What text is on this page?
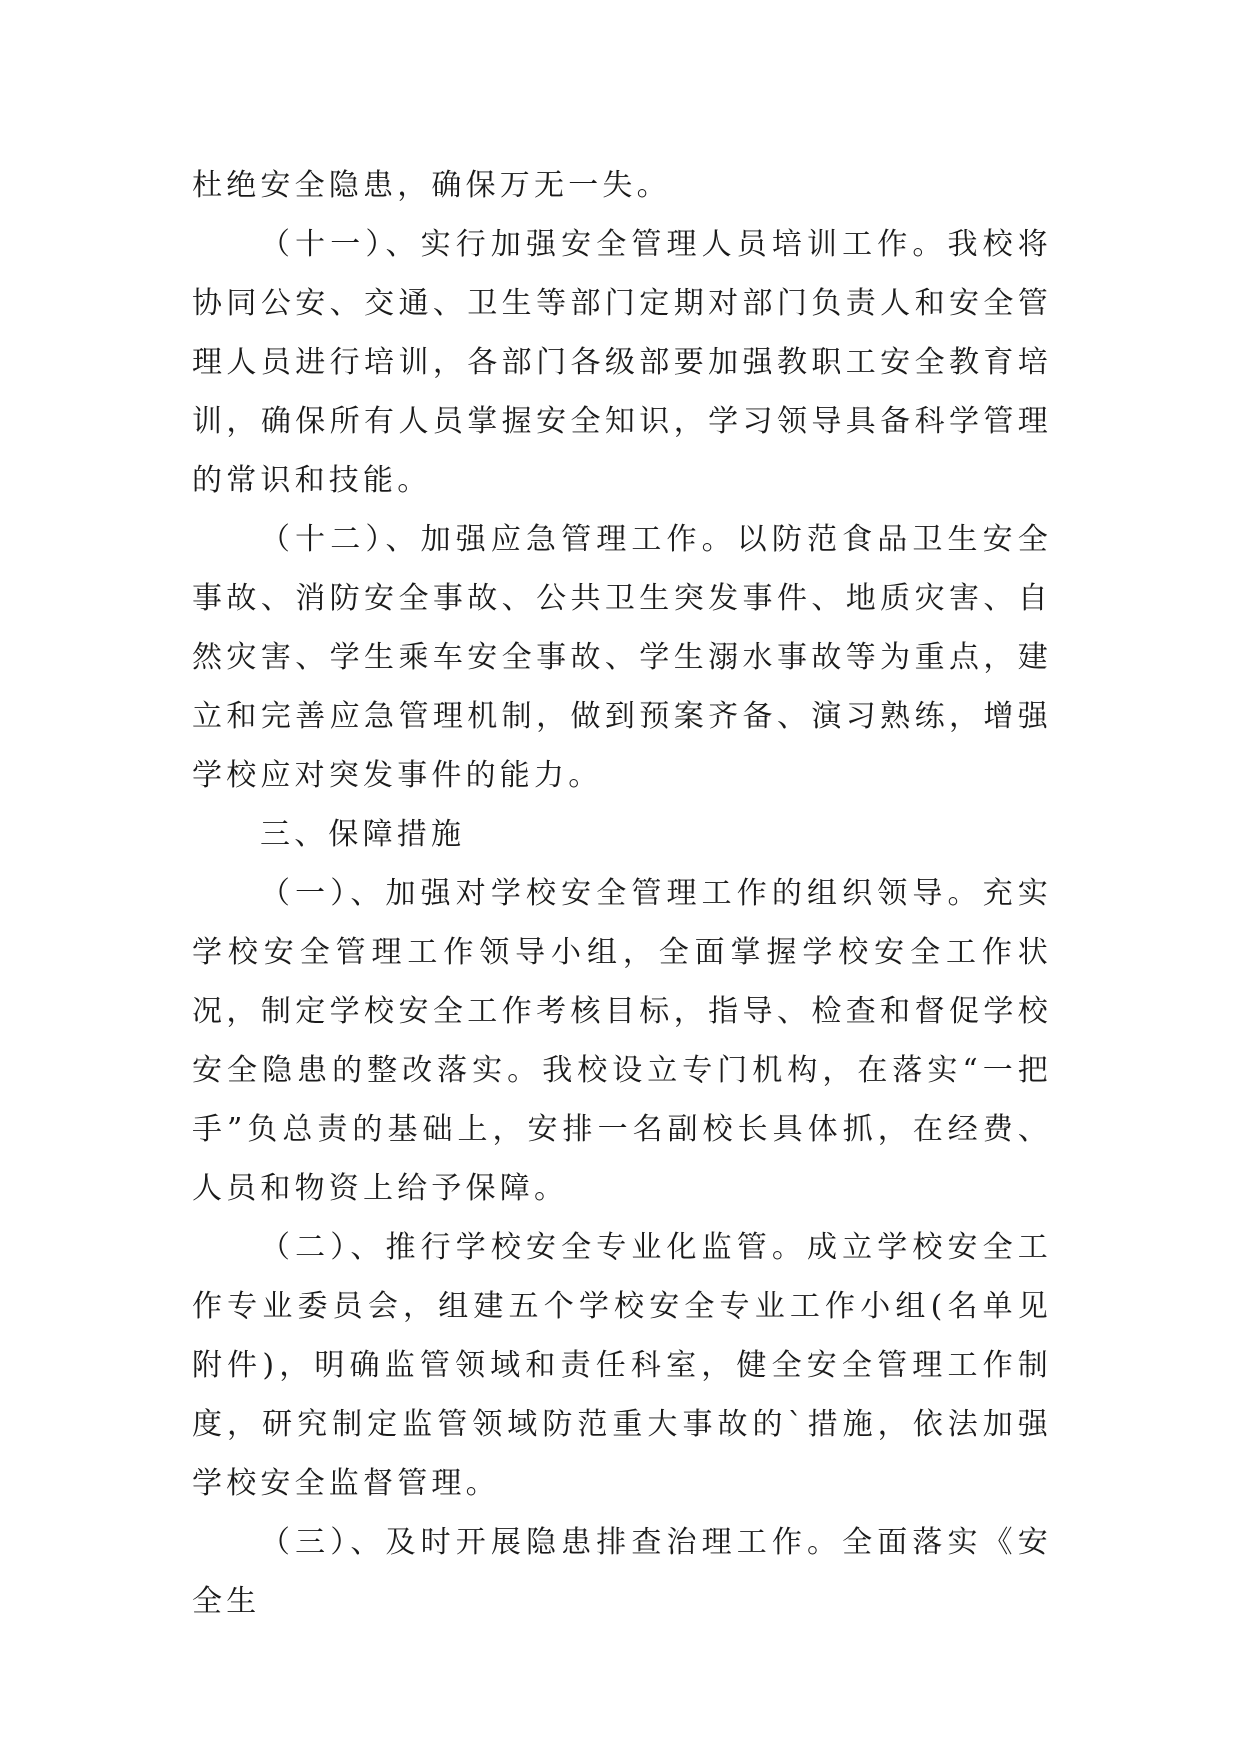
杜绝安全隐患，确保万无一失。

（十一）、实行加强安全管理人员培训工作。我校将协同公安、交通、卫生等部门定期对部门负责人和安全管理人员进行培训，各部门各级部要加强教职工安全教育培训，确保所有人员掌握安全知识，学习领导具备科学管理的常识和技能。

（十二）、加强应急管理工作。以防范食品卫生安全事故、消防安全事故、公共卫生突发事件、地质灾害、自然灾害、学生乘车安全事故、学生溺水事故等为重点，建立和完善应急管理机制，做到预案齐备、演习熟练，增强学校应对突发事件的能力。

三、保障措施

（一）、加强对学校安全管理工作的组织领导。充实学校安全管理工作领导小组，全面掌握学校安全工作状况，制定学校安全工作考核目标，指导、检查和督促学校安全隐患的整改落实。我校设立专门机构，在落实“一把手”负总责的基础上，安排一名副校长具体抓，在经费、人员和物资上给予保障。

（二）、推行学校安全专业化监管。成立学校安全工作专业委员会，组建五个学校安全专业工作小组(名单见附件)，明确监管领域和责任科室，健全安全管理工作制度，研究制定监管领域防范重大事故的`措施，依法加强学校安全监督管理。

（三）、及时开展隐患排查治理工作。全面落实《安全生
